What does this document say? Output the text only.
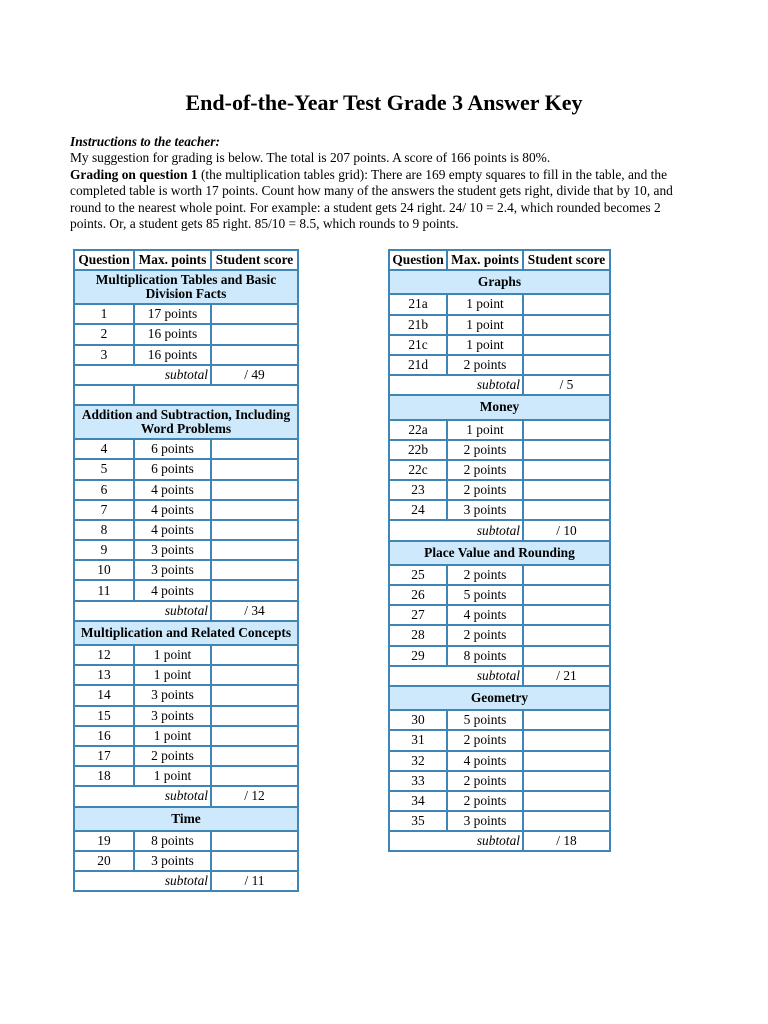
End-of-the-Year Test Grade 3 Answer Key

Instructions to the teacher:

My suggestion for grading is below. The total is 207 points. A score of 166 points is 80%.

Grading on question 1 (the multiplication tables grid): There are 169 empty squares to fill in the table, and the completed table is worth 17 points. Count how many of the answers the student gets right, divide that by 10, and round to the nearest whole point. For example: a student gets 24 right. 24/ 10 = 2.4, which rounded becomes 2 points. Or, a student gets 85 right. 85/10 = 8.5, which rounds to 9 points.

Question	Max. points	Student score
Multiplication Tables and Basic Division Facts		
1	17 points	
2	16 points	
3	16 points	
subtotal		/ 49

Addition and Subtraction, Including Word Problems		
4	6 points	
5	6 points	
6	4 points	
7	4 points	
8	4 points	
9	3 points	
10	3 points	
11	4 points	
subtotal		/ 34
Multiplication and Related Concepts		
12	1 point	
13	1 point	
14	3 points	
15	3 points	
16	1 point	
17	2 points	
18	1 point	
subtotal		/ 12
Time		
19	8 points	
20	3 points	
subtotal		/ 11
Question	Max. points	Student score
Graphs		
21a	1 point	
21b	1 point	
21c	1 point	
21d	2 points	
subtotal		/ 5
Money		
22a	1 point	
22b	2 points	
22c	2 points	
23	2 points	
24	3 points	
subtotal		/ 10
Place Value and Rounding		
25	2 points	
26	5 points	
27	4 points	
28	2 points	
29	8 points	
subtotal		/ 21
Geometry		
30	5 points	
31	2 points	
32	4 points	
33	2 points	
34	2 points	
35	3 points	
subtotal		/ 18
